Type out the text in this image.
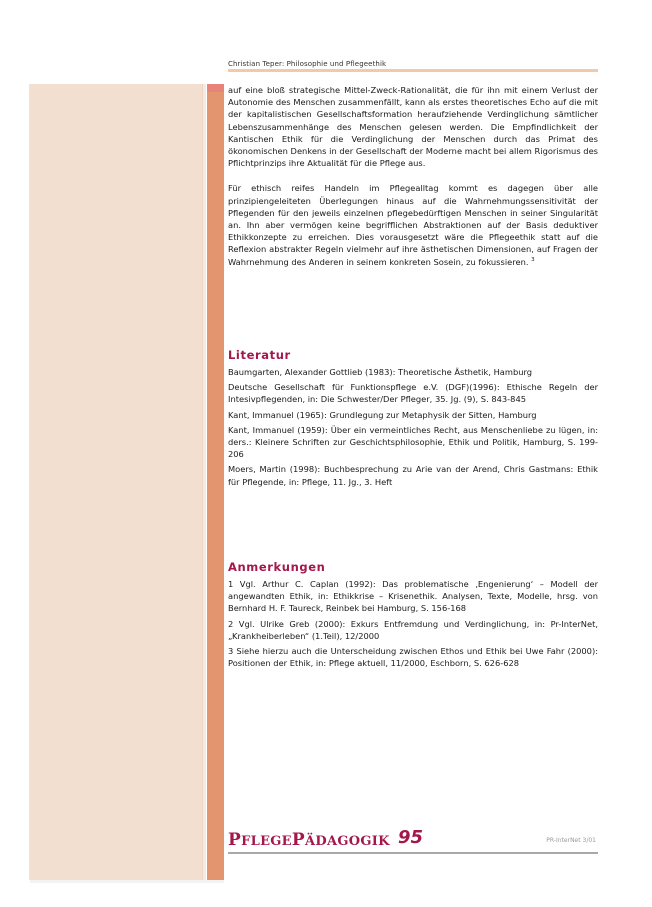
Christian Teper: Philosophie und Pflegeethik

auf eine bloß strategische Mittel-Zweck-Rationalität, die für ihn mit einem Verlust der Autonomie des Menschen zusammenfällt, kann als erstes theoretisches Echo auf die mit der kapitalistischen Gesellschaftsformation heraufziehende Verdinglichung sämtlicher Lebenszusammenhänge des Menschen gelesen werden. Die Empfindlichkeit der Kantischen Ethik für die Verdinglichung der Menschen durch das Primat des ökonomischen Denkens in der Gesellschaft der Moderne macht bei allem Rigorismus des Pflichtprinzips ihre Aktualität für die Pflege aus.

Für ethisch reifes Handeln im Pflegealltag kommt es dagegen über alle prinzipiengeleiteten Überlegungen hinaus auf die Wahrnehmungssensitivität der Pflegenden für den jeweils einzelnen pflegebedürftigen Menschen in seiner Singularität an. Ihn aber vermögen keine begrifflichen Abstraktionen auf der Basis deduktiver Ethikkonzepte zu erreichen. Dies vorausgesetzt wäre die Pflegeethik statt auf die Reflexion abstrakter Regeln vielmehr auf ihre ästhetischen Dimensionen, auf Fragen der Wahrnehmung des Anderen in seinem konkreten Sosein, zu fokussieren. $^3$

Literatur
Baumgarten, Alexander Gottlieb (1983): Theoretische Ästhetik, Hamburg
Deutsche Gesellschaft für Funktionspflege e.V. (DGF)(1996): Ethische Regeln der Intesivpflegenden, in: Die Schwester/Der Pfleger, 35. Jg. (9), S. 843-845
Kant, Immanuel (1965): Grundlegung zur Metaphysik der Sitten, Hamburg
Kant, Immanuel (1959): Über ein vermeintliches Recht, aus Menschenliebe zu lügen, in: ders.: Kleinere Schriften zur Geschichtsphilosophie, Ethik und Politik, Hamburg, S. 199-206
Moers, Martin (1998): Buchbesprechung zu Arie van der Arend, Chris Gastmans: Ethik für Pflegende, in: Pflege, 11. Jg., 3. Heft
Anmerkungen
1 Vgl. Arthur C. Caplan (1992): Das problematische ‚Engenierung‘ – Modell der angewandten Ethik, in: Ethikkrise – Krisenethik. Analysen, Texte, Modelle, hrsg. von Bernhard H. F. Taureck, Reinbek bei Hamburg, S. 156-168
2 Vgl. Ulrike Greb (2000): Exkurs Entfremdung und Verdinglichung, in: Pr-InterNet, „Krankheiberleben“ (1.Teil), 12/2000
3 Siehe hierzu auch die Unterscheidung zwischen Ethos und Ethik bei Uwe Fahr (2000): Positionen der Ethik, in: Pflege aktuell, 11/2000, Eschborn, S. 626-628
PFLEGEPÄDAGOGIK 95	PR-InterNet 3/01
